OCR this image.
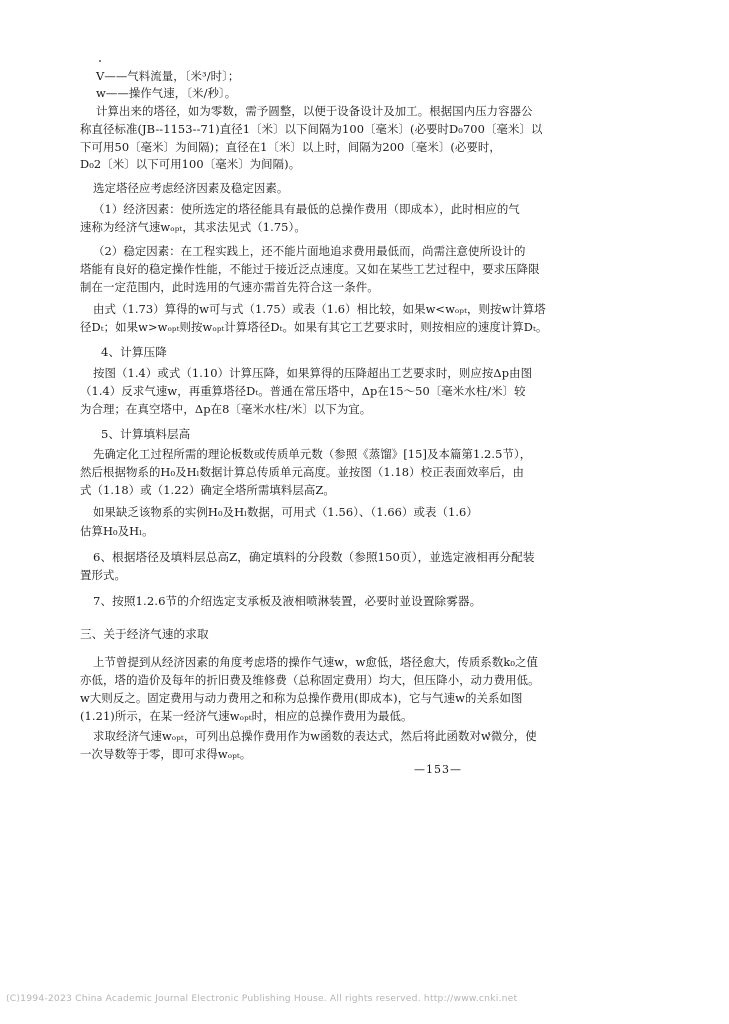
V——气料流量，〔米³/时〕；
w——操作气速，〔米/秒〕。
计算出来的塔径，如为零数，需予圆整，以便于设备设计及加工。根据国内压力容器公
称直径标准(JB--1153--71)直径1〔米〕以下间隔为100〔毫米〕(必要时D₀700〔毫米〕以
下可用50〔毫米〕为间隔)；直径在1〔米〕以上时，间隔为200〔毫米〕(必要时，
D₀2〔米〕以下可用100〔毫米〕为间隔)。
选定塔径应考虑经济因素及稳定因素。
（1）经济因素：使所选定的塔径能具有最低的总操作费用（即成本），此时相应的气
速称为经济气速wₒₚₜ，其求法见式（1.75）。
（2）稳定因素：在工程实践上，还不能片面地追求费用最低而，尚需注意使所设计的
塔能有良好的稳定操作性能，不能过于接近泛点速度。又如在某些工艺过程中，要求压降限
制在一定范围内，此时选用的气速亦需首先符合这一条件。
由式（1.73）算得的w可与式（1.75）或表（1.6）相比较，如果w<wₒₚₜ，则按w计算塔
径Dₜ；如果w>wₒₚₜ则按wₒₚₜ计算塔径Dₜ。如果有其它工艺要求时，则按相应的速度计算Dₜ。
4、计算压降
按图（1.4）或式（1.10）计算压降，如果算得的压降超出工艺要求时，则应按Δp由图
（1.4）反求气速w，再重算塔径Dₜ。普通在常压塔中，Δp在15～50〔毫米水柱/米〕较
为合理；在真空塔中，Δp在8〔毫米水柱/米〕以下为宜。
5、计算填料层高
先确定化工过程所需的理论板数或传质单元数（参照《蒸馏》[15]及本篇第1.2.5节），
然后根据物系的H₀及Hₗ数据计算总传质单元高度。並按图（1.18）校正表面效率后，由
式（1.18）或（1.22）确定全塔所需填料层高Z。
如果缺乏该物系的实例H₀及Hₗ数据，可用式（1.56）、（1.66）或表（1.6）
估算H₀及Hₗ。
6、根据塔径及填料层总高Z，确定填料的分段数（参照150页），並选定液相再分配装
置形式。
7、按照1.2.6节的介绍选定支承板及液相喷淋装置，必要时並设置除雾器。
三、关于经济气速的求取
上节曾提到从经济因素的角度考虑塔的操作气速w，w愈低，塔径愈大，传质系数k₀之值
亦低，塔的造价及每年的折旧费及维修费（总称固定费用）均大，但压降小，动力费用低。
w大则反之。固定费用与动力费用之和称为总操作费用(即成本)，它与气速w的关系如图
(1.21)所示，在某一经济气速wₒₚₜ时，相应的总操作费用为最低。
求取经济气速wₒₚₜ，可列出总操作费用作为w函数的表达式，然后将此函数对w微分，使
一次导数等于零，即可求得wₒₚₜ。
—153—
(C)1994-2023 China Academic Journal Electronic Publishing House. All rights reserved. http://www.cnki.net
